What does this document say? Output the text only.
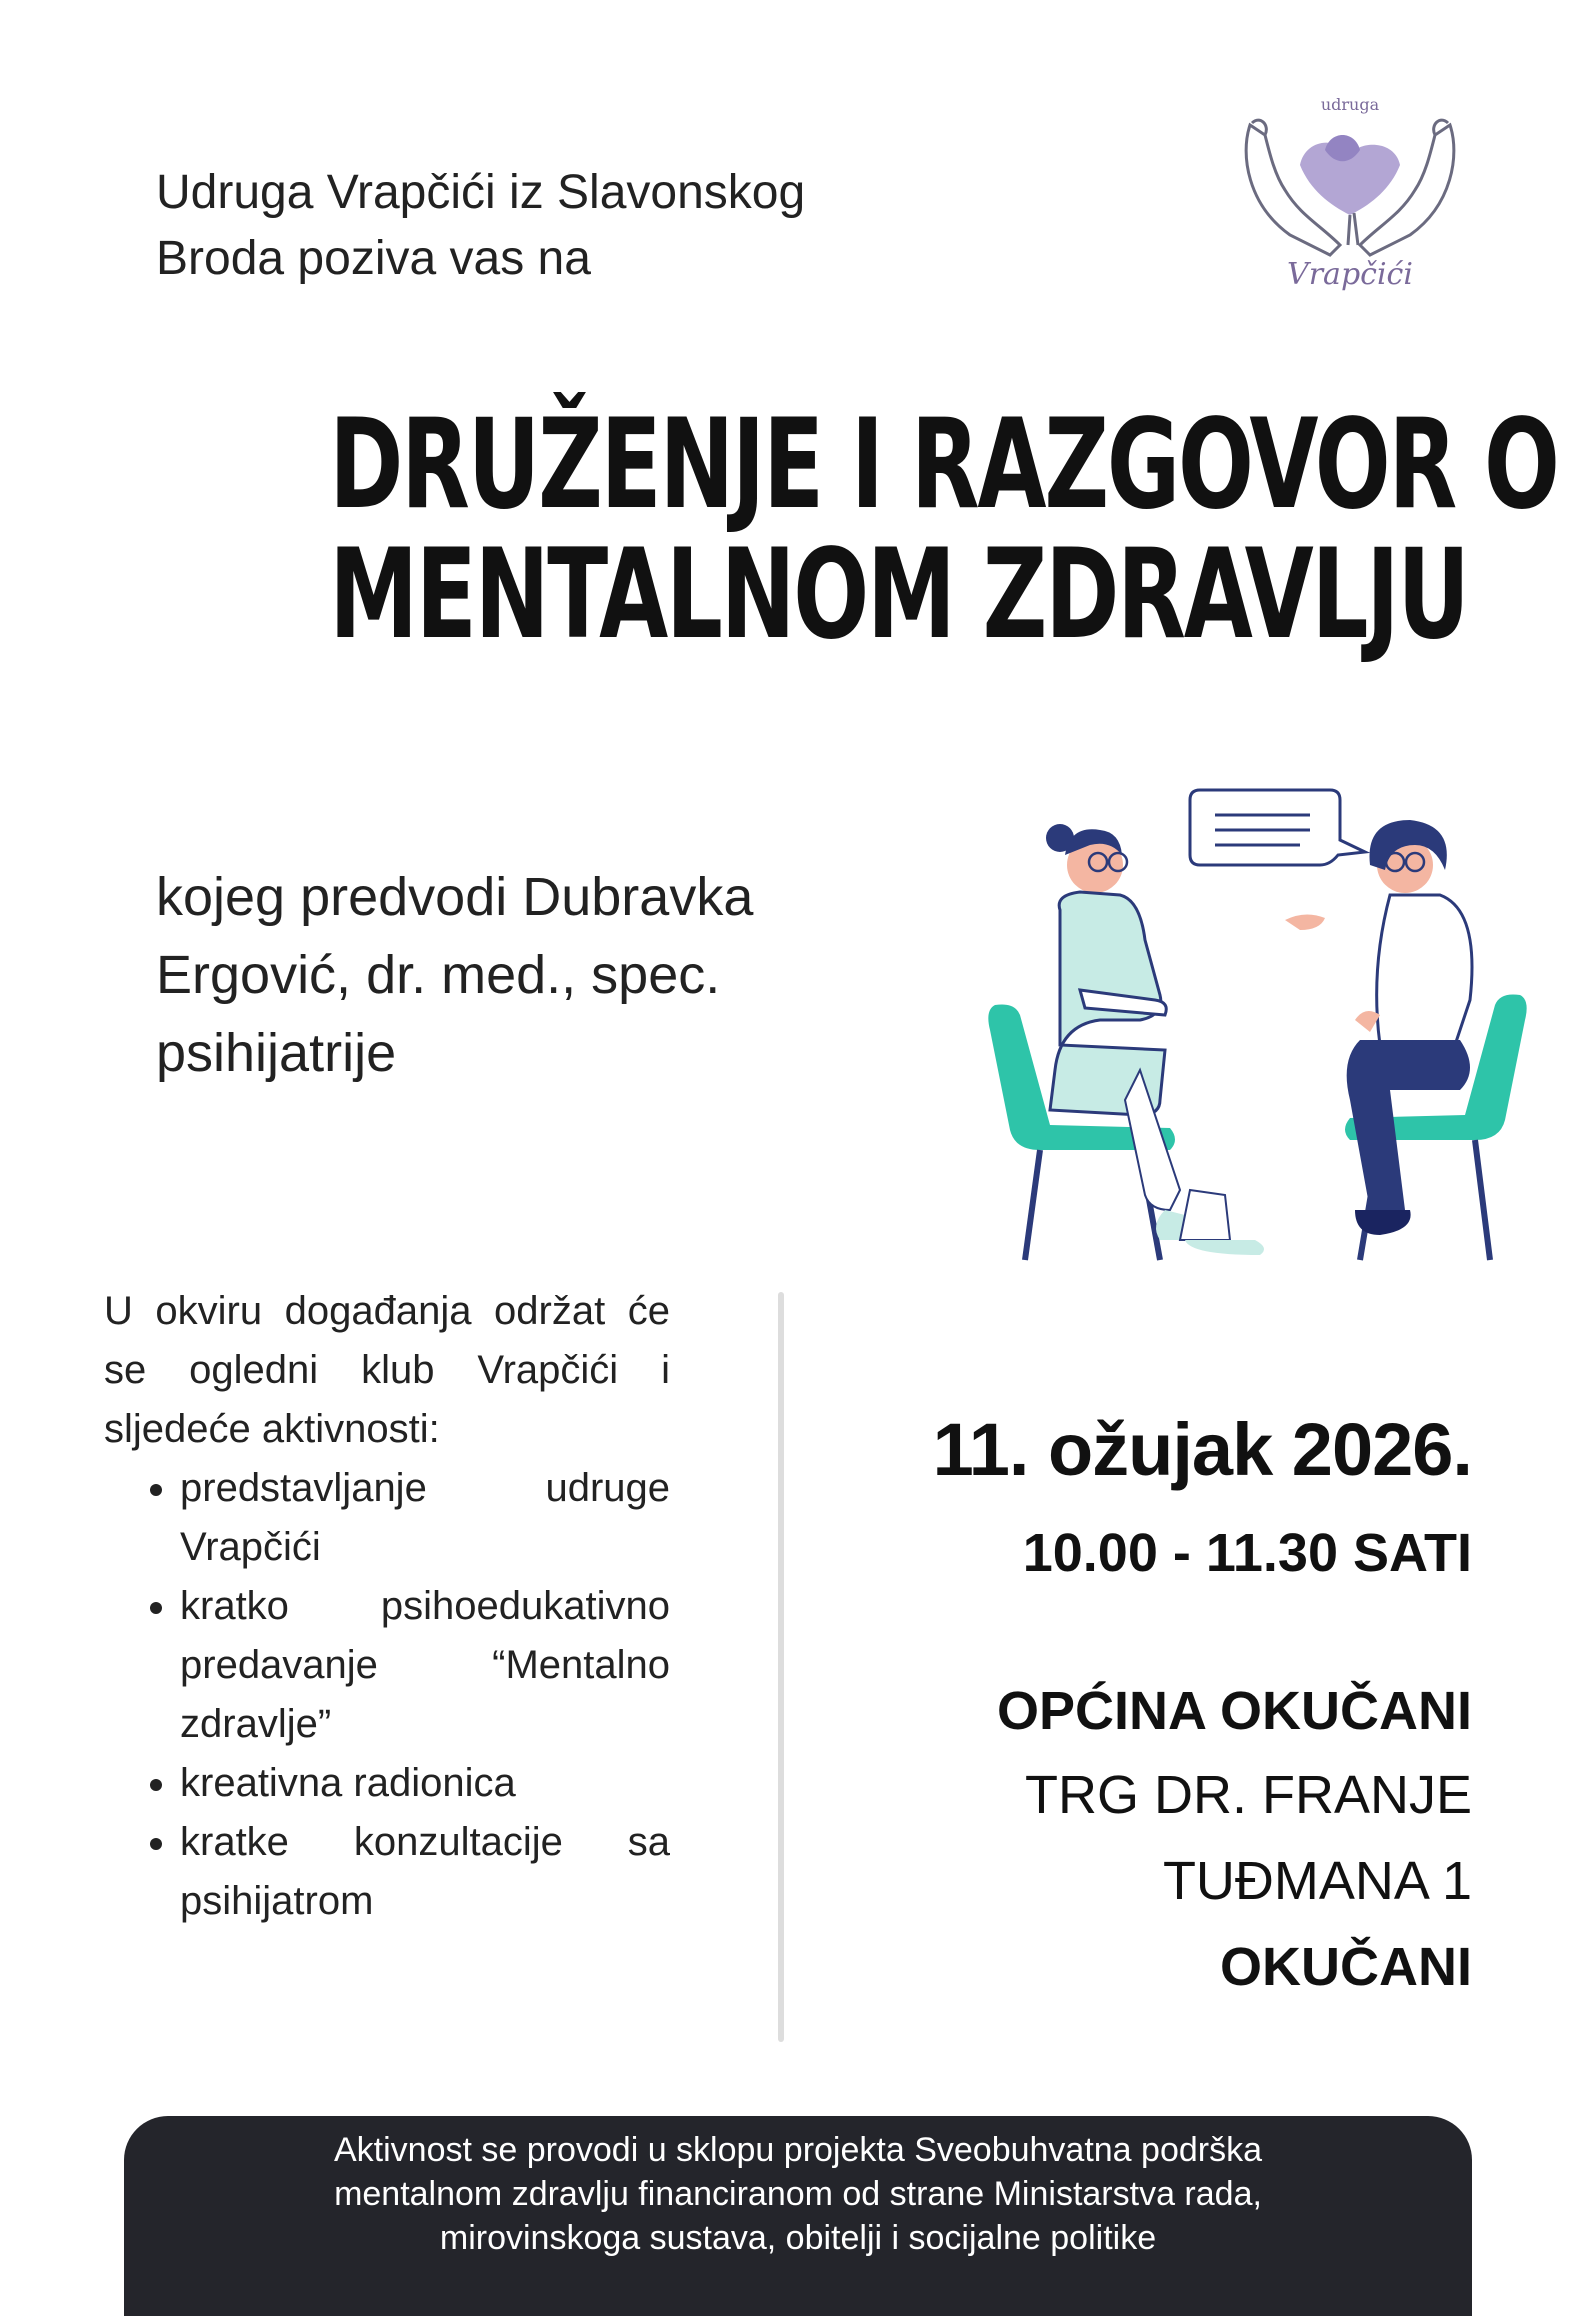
Udruga Vrapčići iz Slavonskog
Broda poziva vas na
udruga
Vrapčići
DRUŽENJE I RAZGOVOR O
MENTALNOM ZDRAVLJU
kojeg predvodi Dubravka
Ergović, dr. med., spec.
psihijatrije

U okviru događanja održat će se ogledni klub Vrapčići i sljedeće aktivnosti:

• predstavljanje udruge Vrapčići
• kratko psihoedukativno predavanje “Mentalno zdravlje”
• kreativna radionica
• kratke konzultacije sa psihijatrom
11. ožujak 2026.
10.00 - 11.30 SATI
OPĆINA OKUČANI
TRG DR. FRANJE
TUĐMANA 1
OKUČANI
Aktivnost se provodi u sklopu projekta Sveobuhvatna podrška
mentalnom zdravlju financiranom od strane Ministarstva rada,
mirovinskoga sustava, obitelji i socijalne politike
